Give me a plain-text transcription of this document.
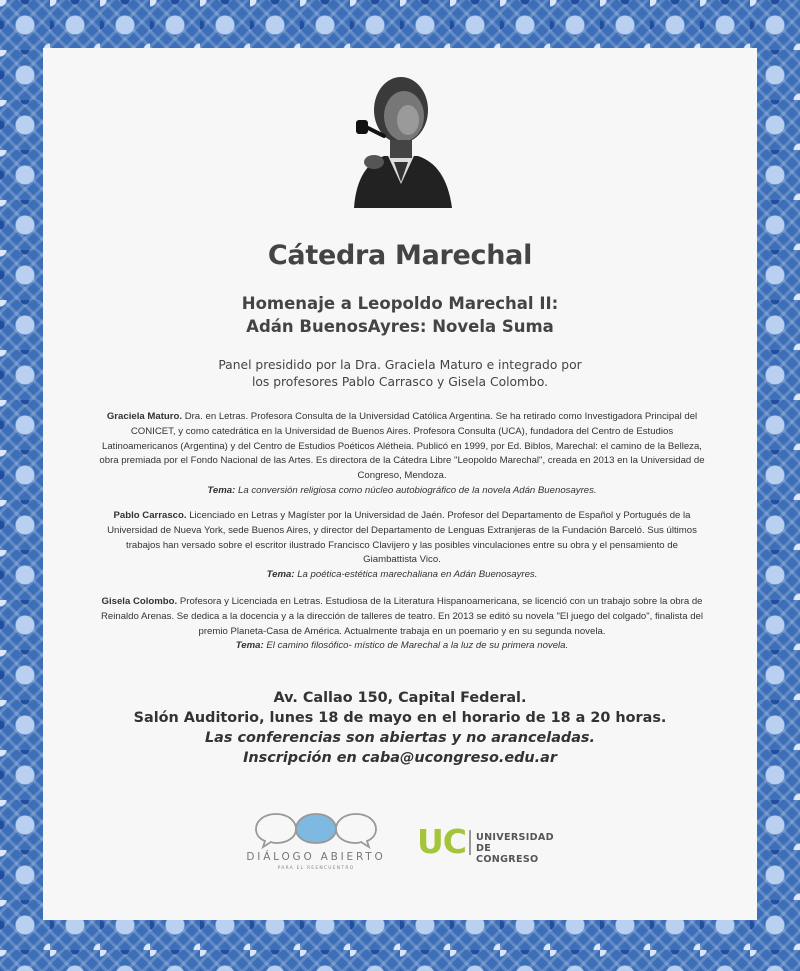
Cátedra Marechal
Homenaje a Leopoldo Marechal II:
Adán BuenosAyres: Novela Suma
Panel presidido por la Dra. Graciela Maturo e integrado por
los profesores Pablo Carrasco y Gisela Colombo.
Graciela Maturo. Dra. en Letras. Profesora Consulta de la Universidad Católica Argentina. Se ha retirado como Investigadora Principal del
CONICET, y como catedrática en la Universidad de Buenos Aires. Profesora Consulta (UCA), fundadora del Centro de Estudios
Latinoamericanos (Argentina) y del Centro de Estudios Poéticos Alétheia. Publicó en 1999, por Ed. Biblos, Marechal: el camino de la Belleza,
obra premiada por el Fondo Nacional de las Artes. Es directora de la Cátedra Libre "Leopoldo Marechal", creada en 2013 en la Universidad de
Congreso, Mendoza.
Tema: La conversión religiosa como núcleo autobiográfico de la novela Adán Buenosayres.
Pablo Carrasco. Licenciado en Letras y Magíster por la Universidad de Jaén. Profesor del Departamento de Español y Portugués de la
Universidad de Nueva York, sede Buenos Aires, y director del Departamento de Lenguas Extranjeras de la Fundación Barceló. Sus últimos
trabajos han versado sobre el escritor ilustrado Francisco Clavijero y las posibles vinculaciones entre su obra y el pensamiento de
Giambattista Vico.
Tema: La poética-estética marechaliana en Adán Buenosayres.
Gisela Colombo. Profesora y Licenciada en Letras. Estudiosa de la Literatura Hispanoamericana, se licenció con un trabajo sobre la obra de
Reinaldo Arenas. Se dedica a la docencia y a la dirección de talleres de teatro. En 2013 se editó su novela "El juego del colgado", finalista del
premio Planeta-Casa de América. Actualmente trabaja en un poemario y en su segunda novela.
Tema: El camino filosófico- místico de Marechal a la luz de su primera novela.
Av. Callao 150, Capital Federal.
Salón Auditorio, lunes 18 de mayo en el horario de 18 a 20 horas.
Las conferencias son abiertas y no aranceladas.
Inscripción en caba@ucongreso.edu.ar
DIÁLOGO ABIERTO
PARA EL REENCUENTRO
UC UNIVERSIDAD
DE CONGRESO
